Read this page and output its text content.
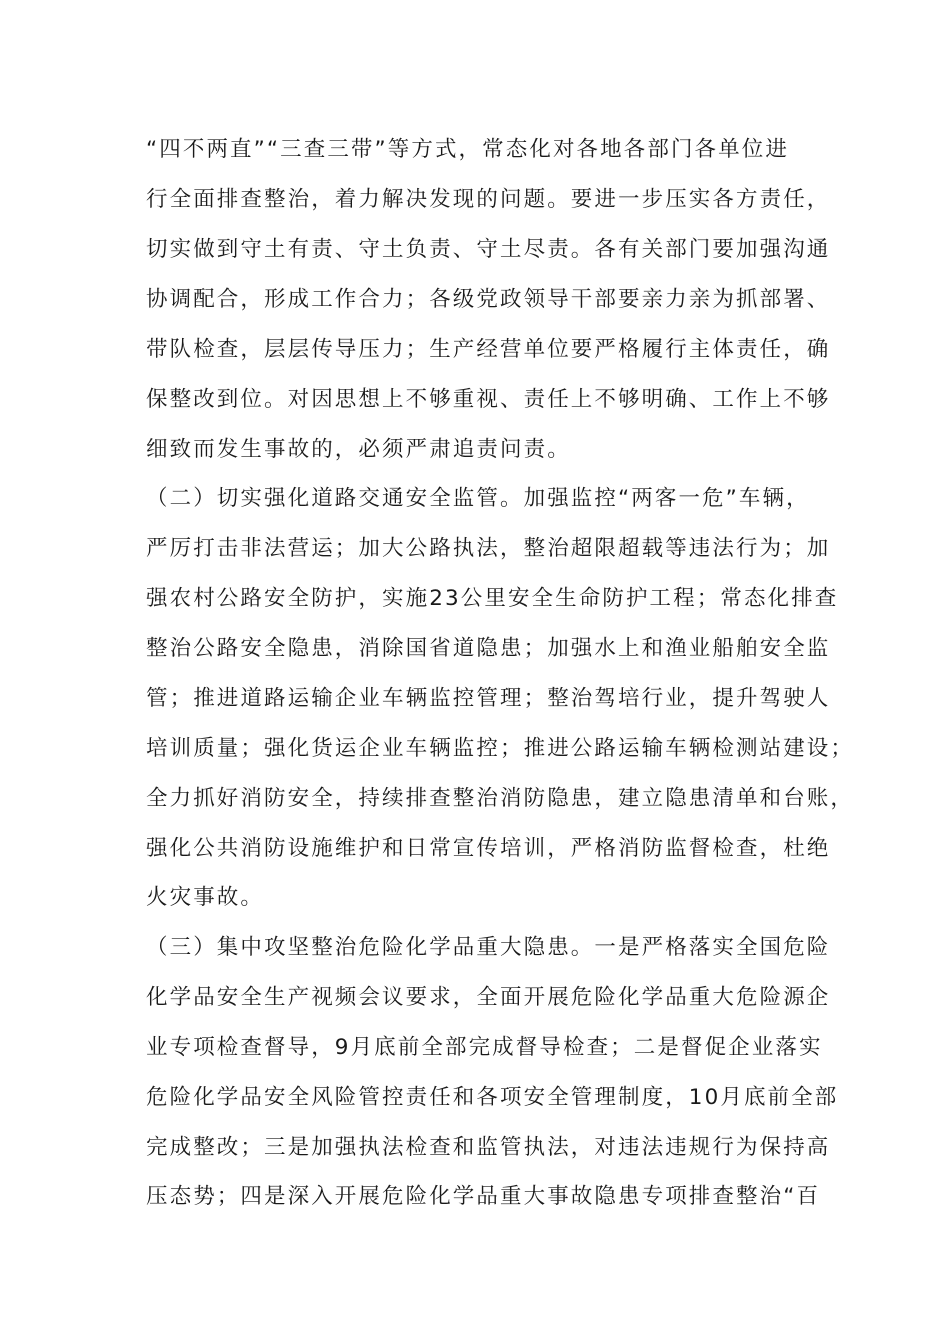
“四不两直”“三查三带”等方式，常态化对各地各部门各单位进
行全面排查整治，着力解决发现的问题。要进一步压实各方责任，
切实做到守土有责、守土负责、守土尽责。各有关部门要加强沟通
协调配合，形成工作合力；各级党政领导干部要亲力亲为抓部署、
带队检查，层层传导压力；生产经营单位要严格履行主体责任，确
保整改到位。对因思想上不够重视、责任上不够明确、工作上不够
细致而发生事故的，必须严肃追责问责。
（二）切实强化道路交通安全监管。加强监控“两客一危”车辆，
严厉打击非法营运；加大公路执法，整治超限超载等违法行为；加
强农村公路安全防护，实施23公里安全生命防护工程；常态化排查
整治公路安全隐患，消除国省道隐患；加强水上和渔业船舶安全监
管；推进道路运输企业车辆监控管理；整治驾培行业，提升驾驶人
培训质量；强化货运企业车辆监控；推进公路运输车辆检测站建设；
全力抓好消防安全，持续排查整治消防隐患，建立隐患清单和台账，
强化公共消防设施维护和日常宣传培训，严格消防监督检查，杜绝
火灾事故。
（三）集中攻坚整治危险化学品重大隐患。一是严格落实全国危险
化学品安全生产视频会议要求，全面开展危险化学品重大危险源企
业专项检查督导，9月底前全部完成督导检查；二是督促企业落实
危险化学品安全风险管控责任和各项安全管理制度，10月底前全部
完成整改；三是加强执法检查和监管执法，对违法违规行为保持高
压态势；四是深入开展危险化学品重大事故隐患专项排查整治“百
